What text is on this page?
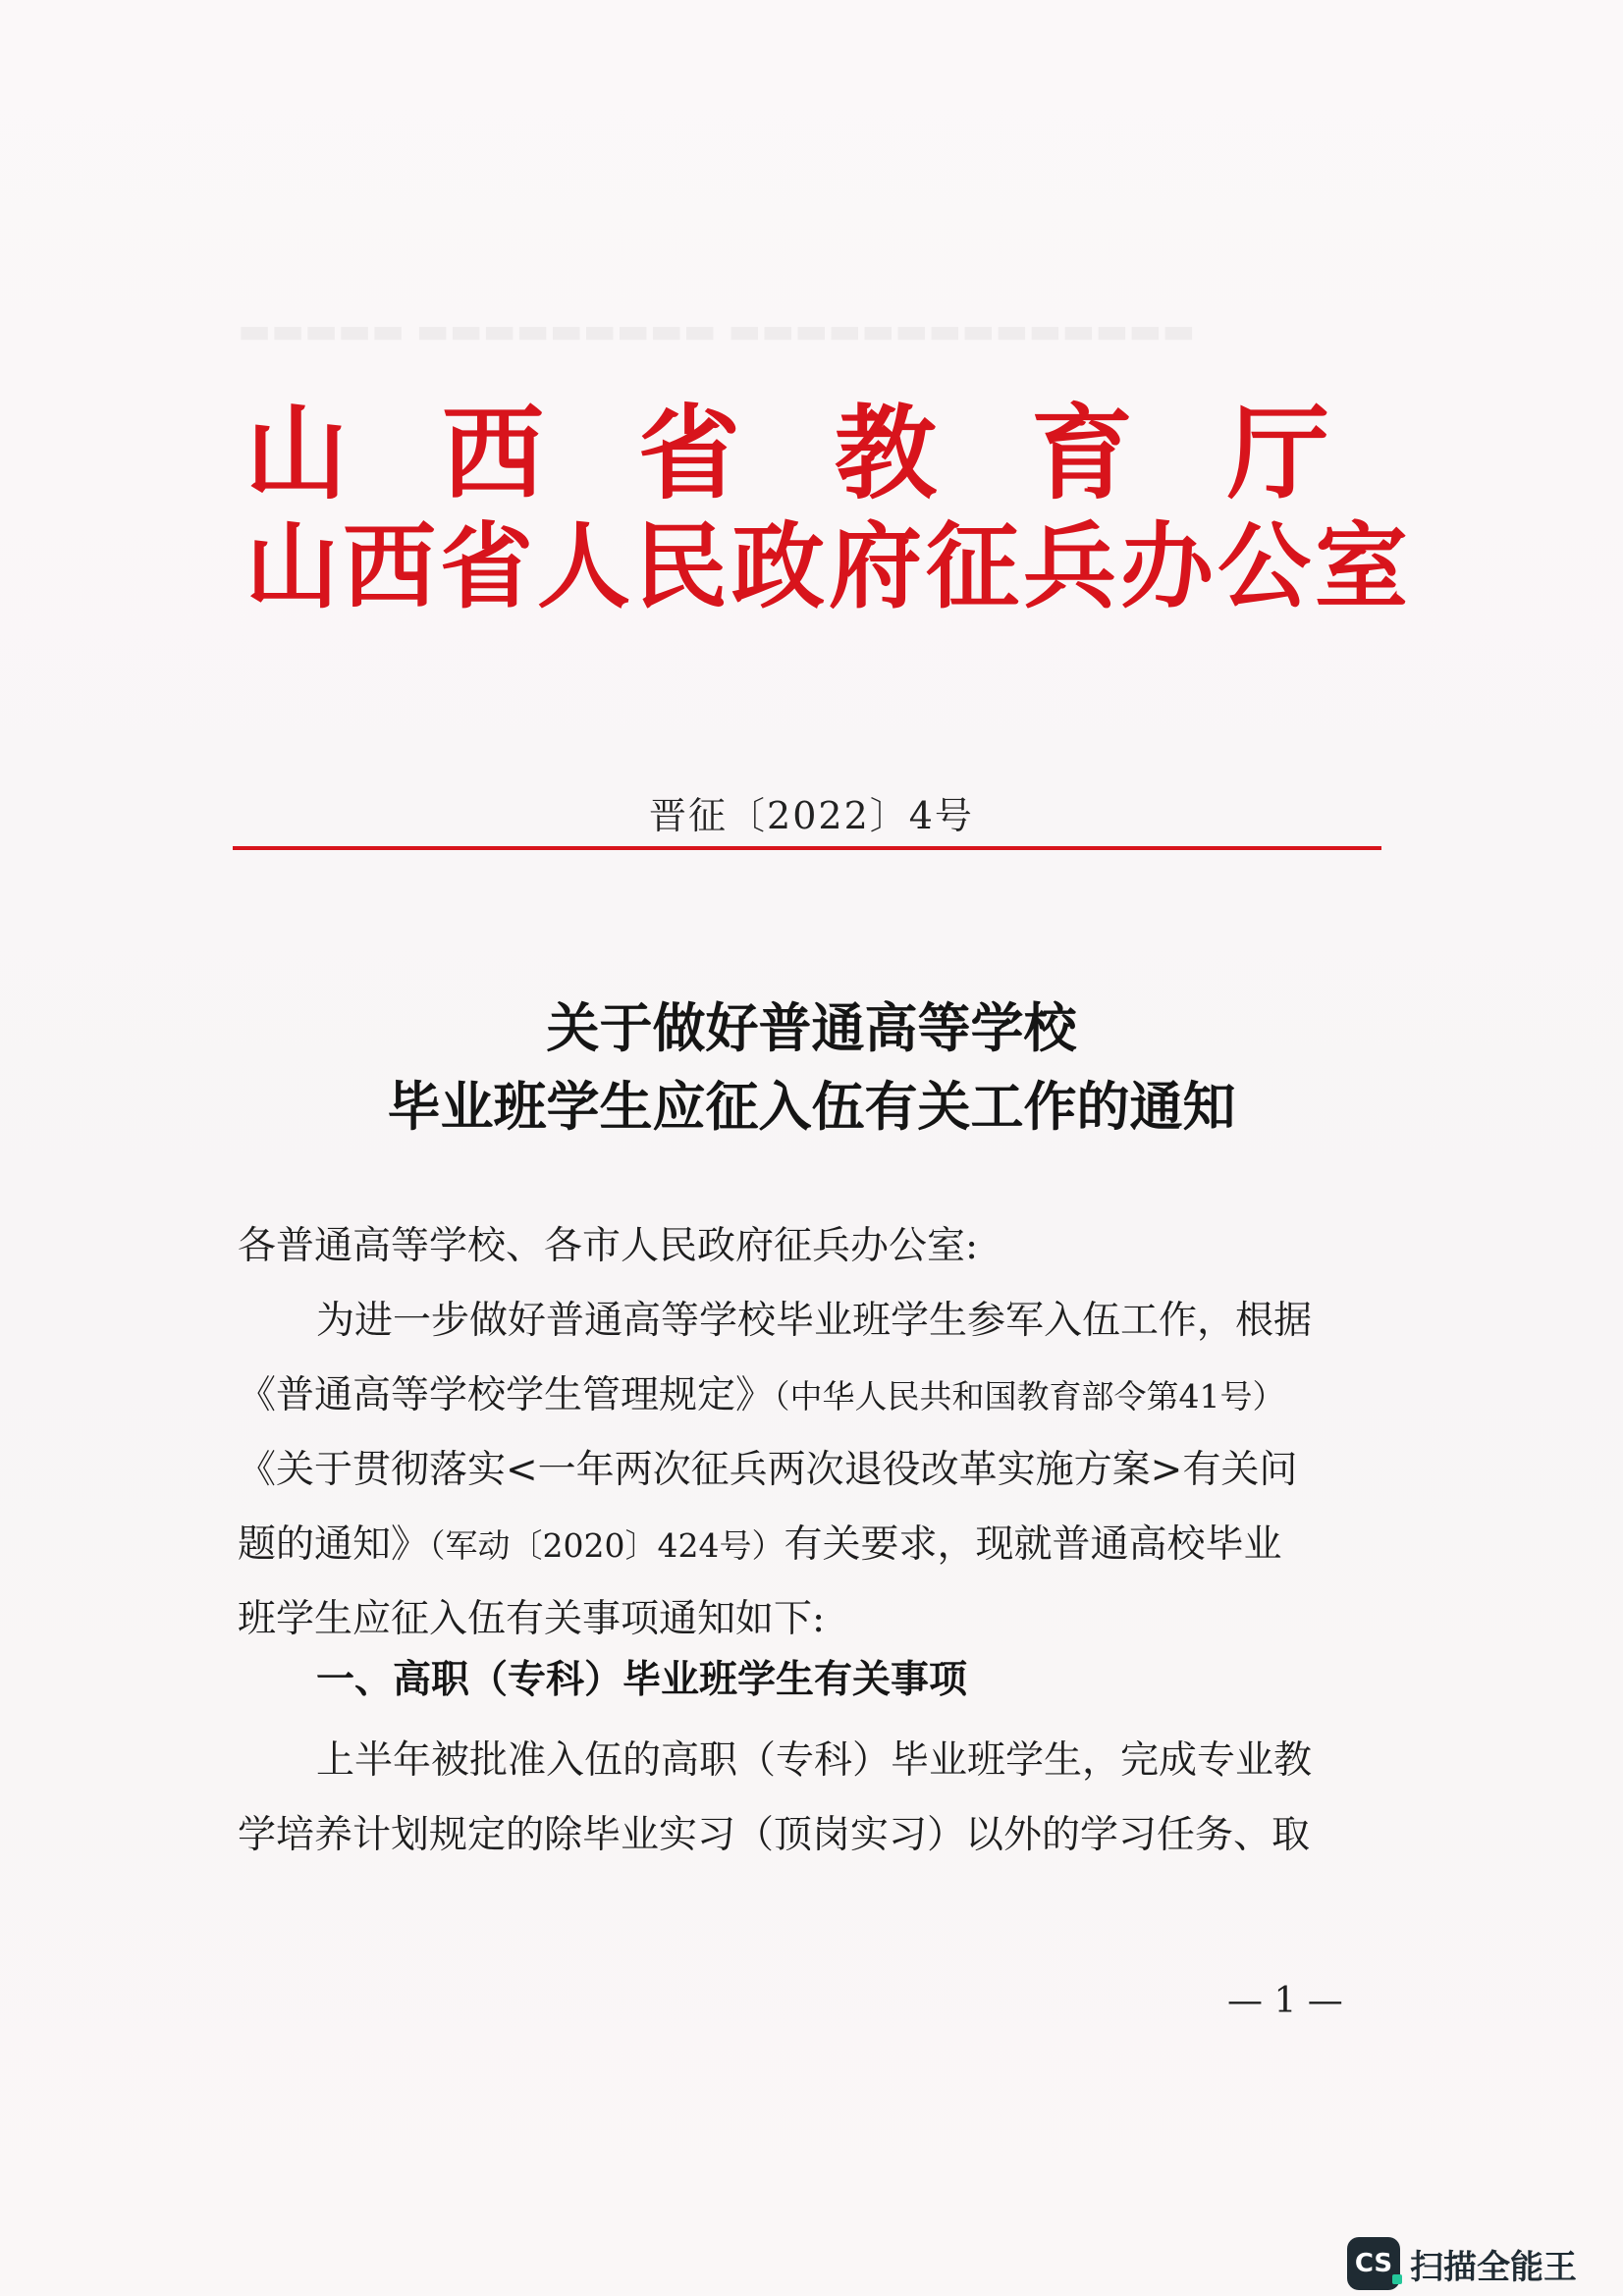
▬▬▬▬▬ ▬▬▬▬▬▬▬▬▬ ▬▬▬▬▬▬▬▬▬▬▬▬▬▬
山西省教育厅
山西省人民政府征兵办公室
晋征〔2022〕4号
关于做好普通高等学校
毕业班学生应征入伍有关工作的通知
各普通高等学校、各市人民政府征兵办公室:
为进一步做好普通高等学校毕业班学生参军入伍工作，根据
《普通高等学校学生管理规定》（中华人民共和国教育部令第41号）
《关于贯彻落实<一年两次征兵两次退役改革实施方案>有关问
题的通知》（军动〔2020〕424号）有关要求，现就普通高校毕业
班学生应征入伍有关事项通知如下:
一、高职（专科）毕业班学生有关事项
上半年被批准入伍的高职（专科）毕业班学生，完成专业教
学培养计划规定的除毕业实习（顶岗实习）以外的学习任务、取
— 1 —
CS 扫描全能王
